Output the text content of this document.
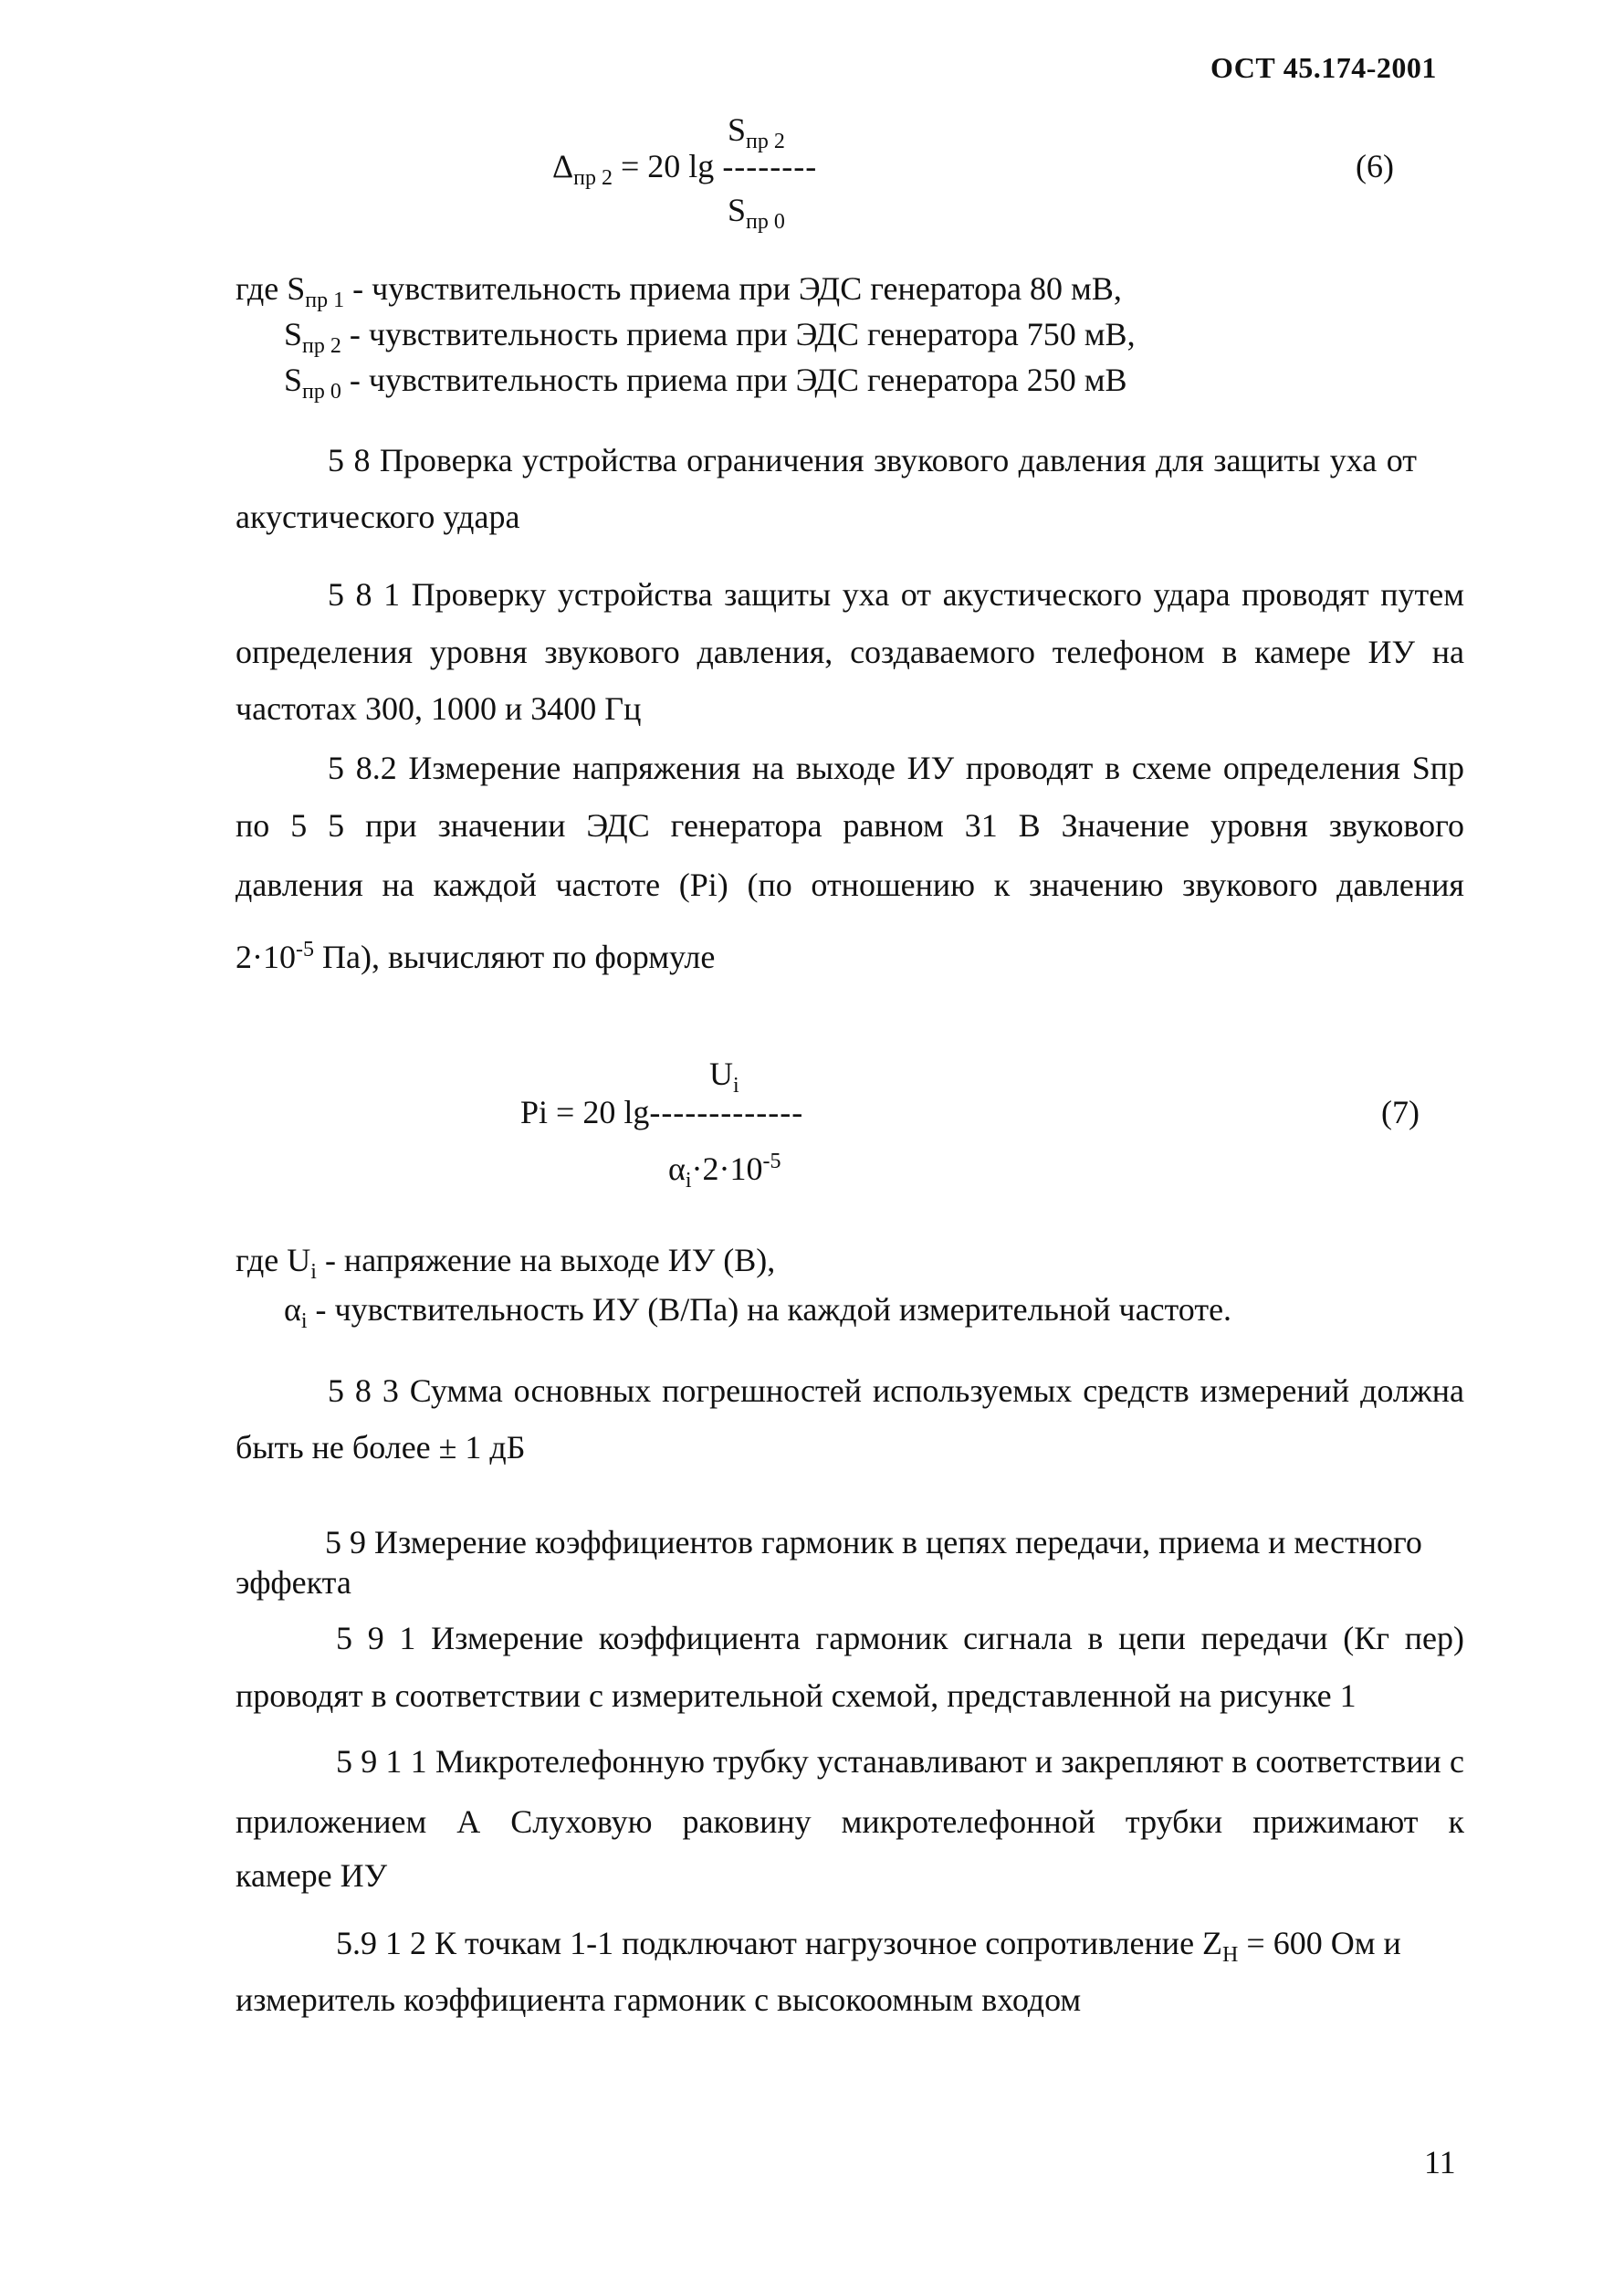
ОСТ 45.174-2001
$S_{пр 2}$
$\Delta_{пр 2} = 20$ lg --------
$S_{пр 0}$
(6)
где $S_{пр 1}$ - чувствительность приема при ЭДС генератора 80 мВ,
$S_{пр 2}$ - чувствительность приема при ЭДС генератора 750 мВ,
$S_{пр 0}$ - чувствительность приема при ЭДС генератора 250 мВ
5 8 Проверка устройства ограничения звукового давления для защиты уха от
акустического удара
5 8 1 Проверку устройства защиты уха от акустического удара проводят путем
определения уровня звукового давления, создаваемого телефоном в камере ИУ на
частотах 300, 1000 и 3400 Гц
5 8.2 Измерение напряжения на выходе ИУ проводят в схеме определения Sпр
по 5 5 при значении ЭДС генератора равном 31 В Значение уровня звукового
давления на каждой частоте (Pi) (по отношению к значению звукового давления
$2\cdot 10^{-5}$ Па), вычисляют по формуле
$U_i$
Pi = 20 lg-------------
$\alpha_i\cdot 2\cdot 10^{-5}$
(7)
где $U_i$ - напряжение на выходе ИУ (В),
$\alpha_i$ - чувствительность ИУ (В/Па) на каждой измерительной частоте.
5 8 3 Сумма основных погрешностей используемых средств измерений должна
быть не более ± 1 дБ
5 9 Измерение коэффициентов гармоник в цепях передачи, приема и местного
эффекта
5 9 1 Измерение коэффициента гармоник сигнала в цепи передачи (Кг пер)
проводят в соответствии с измерительной схемой, представленной на рисунке 1
5 9 1 1 Микротелефонную трубку устанавливают и закрепляют в соответствии с
приложением А Слуховую раковину микротелефонной трубки прижимают к
камере ИУ
5.9 1 2 К точкам 1-1 подключают нагрузочное сопротивление $Z_H = 600$ Ом и
измеритель коэффициента гармоник с высокоомным входом
11
